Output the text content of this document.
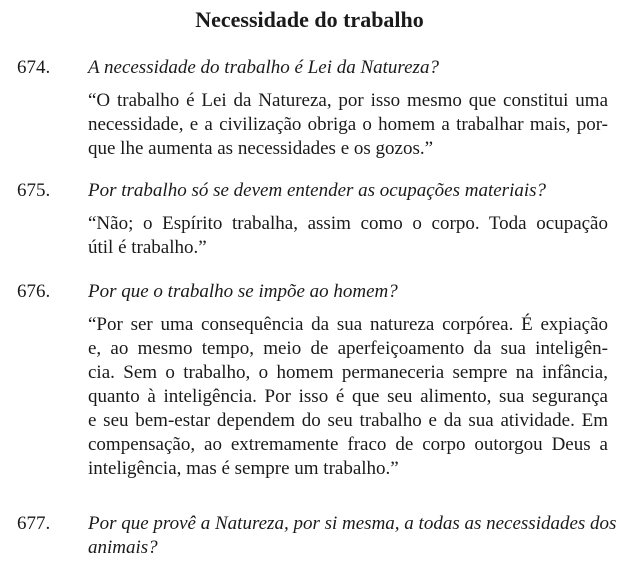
Necessidade do trabalho
674. A necessidade do trabalho é Lei da Natureza?
“O trabalho é Lei da Natureza, por isso mesmo que constitui uma
necessidade, e a civilização obriga o homem a trabalhar mais, por-
que lhe aumenta as necessidades e os gozos.”
675. Por trabalho só se devem entender as ocupações materiais?
“Não; o Espírito trabalha, assim como o corpo. Toda ocupação
útil é trabalho.”
676. Por que o trabalho se impõe ao homem?
“Por ser uma consequência da sua natureza corpórea. É expiação
e, ao mesmo tempo, meio de aperfeiçoamento da sua inteligên-
cia. Sem o trabalho, o homem permaneceria sempre na infância,
quanto à inteligência. Por isso é que seu alimento, sua segurança
e seu bem-estar dependem do seu trabalho e da sua atividade. Em
compensação, ao extremamente fraco de corpo outorgou Deus a
inteligência, mas é sempre um trabalho.”
677. Por que provê a Natureza, por si mesma, a todas as necessidades dos
animais?
